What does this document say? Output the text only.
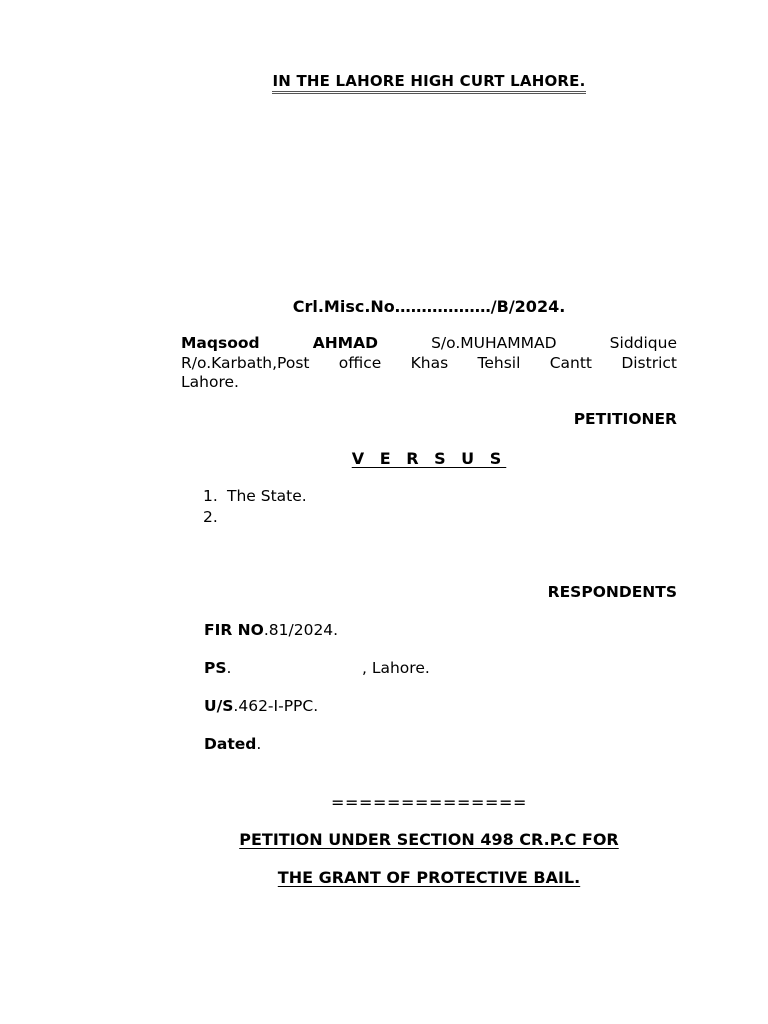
IN THE LAHORE HIGH CURT LAHORE.
Crl.Misc.No………………/B/2024.
Maqsood	AHMAD	S/o.MUHAMMAD	Siddique
R/o.Karbath,Post office Khas Tehsil Cantt District
Lahore.
PETITIONER
V E R S U S
1. The State.
2.
RESPONDENTS
FIR NO.81/2024.
PS.	, Lahore.
U/S.462-I-PPC.
Dated.
==============
PETITION UNDER SECTION 498 CR.P.C FOR
THE GRANT OF PROTECTIVE BAIL.
